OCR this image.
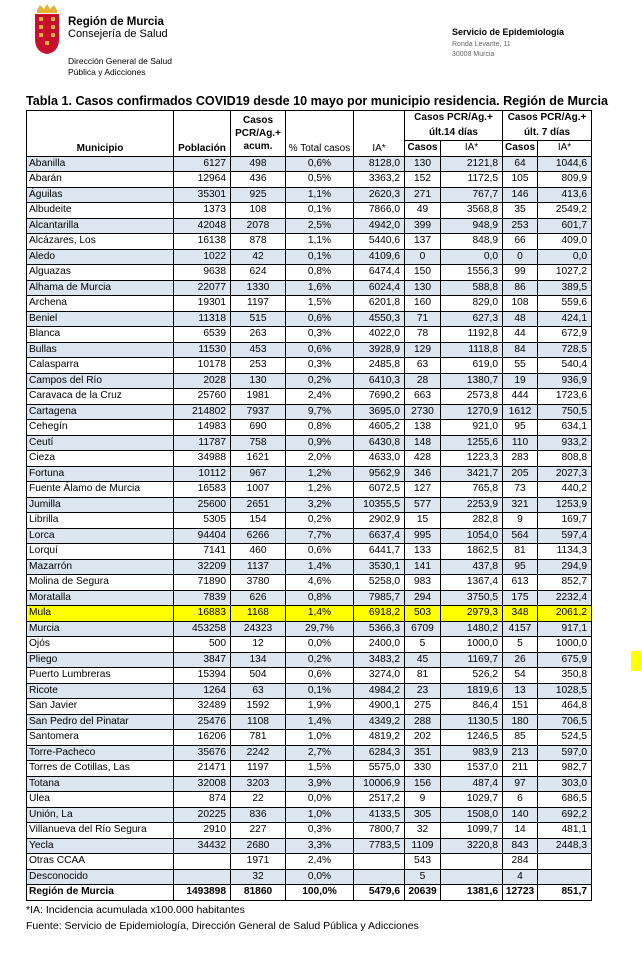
Región de Murcia
Consejería de Salud
Dirección General de Salud
Pública y Adicciones
Servicio de Epidemiología
Ronda Levante, 11
30008 Murcia
Tabla 1. Casos confirmados COVID19 desde 10 mayo por municipio residencia. Región de Murcia
Municipio	Población	Casos
PCR/Ag.+
acum.	% Total casos	IA*	Casos PCR/Ag.+		Casos PCR/Ag.+	
					últ.14 días		últ. 7 días	
					Casos	IA*	Casos	IA*
Abanilla	6127	498	0,6%	8128,0	130	2121,8	64	1044,6
Abarán	12964	436	0,5%	3363,2	152	1172,5	105	809,9
Águilas	35301	925	1,1%	2620,3	271	767,7	146	413,6
Albudeite	1373	108	0,1%	7866,0	49	3568,8	35	2549,2
Alcantarilla	42048	2078	2,5%	4942,0	399	948,9	253	601,7
Alcázares, Los	16138	878	1,1%	5440,6	137	848,9	66	409,0
Aledo	1022	42	0,1%	4109,6	0	0,0	0	0,0
Alguazas	9638	624	0,8%	6474,4	150	1556,3	99	1027,2
Alhama de Murcia	22077	1330	1,6%	6024,4	130	588,8	86	389,5
Archena	19301	1197	1,5%	6201,8	160	829,0	108	559,6
Beniel	11318	515	0,6%	4550,3	71	627,3	48	424,1
Blanca	6539	263	0,3%	4022,0	78	1192,8	44	672,9
Bullas	11530	453	0,6%	3928,9	129	1118,8	84	728,5
Calasparra	10178	253	0,3%	2485,8	63	619,0	55	540,4
Campos del Río	2028	130	0,2%	6410,3	28	1380,7	19	936,9
Caravaca de la Cruz	25760	1981	2,4%	7690,2	663	2573,8	444	1723,6
Cartagena	214802	7937	9,7%	3695,0	2730	1270,9	1612	750,5
Cehegín	14983	690	0,8%	4605,2	138	921,0	95	634,1
Ceutí	11787	758	0,9%	6430,8	148	1255,6	110	933,2
Cieza	34988	1621	2,0%	4633,0	428	1223,3	283	808,8
Fortuna	10112	967	1,2%	9562,9	346	3421,7	205	2027,3
Fuente Álamo de Murcia	16583	1007	1,2%	6072,5	127	765,8	73	440,2
Jumilla	25600	2651	3,2%	10355,5	577	2253,9	321	1253,9
Librilla	5305	154	0,2%	2902,9	15	282,8	9	169,7
Lorca	94404	6266	7,7%	6637,4	995	1054,0	564	597,4
Lorquí	7141	460	0,6%	6441,7	133	1862,5	81	1134,3
Mazarrón	32209	1137	1,4%	3530,1	141	437,8	95	294,9
Molina de Segura	71890	3780	4,6%	5258,0	983	1367,4	613	852,7
Moratalla	7839	626	0,8%	7985,7	294	3750,5	175	2232,4
Mula	16883	1168	1,4%	6918,2	503	2979,3	348	2061,2
Murcia	453258	24323	29,7%	5366,3	6709	1480,2	4157	917,1
Ojós	500	12	0,0%	2400,0	5	1000,0	5	1000,0
Pliego	3847	134	0,2%	3483,2	45	1169,7	26	675,9
Puerto Lumbreras	15394	504	0,6%	3274,0	81	526,2	54	350,8
Ricote	1264	63	0,1%	4984,2	23	1819,6	13	1028,5
San Javier	32489	1592	1,9%	4900,1	275	846,4	151	464,8
San Pedro del Pinatar	25476	1108	1,4%	4349,2	288	1130,5	180	706,5
Santomera	16206	781	1,0%	4819,2	202	1246,5	85	524,5
Torre-Pacheco	35676	2242	2,7%	6284,3	351	983,9	213	597,0
Torres de Cotillas, Las	21471	1197	1,5%	5575,0	330	1537,0	211	982,7
Totana	32008	3203	3,9%	10006,9	156	487,4	97	303,0
Ulea	874	22	0,0%	2517,2	9	1029,7	6	686,5
Unión, La	20225	836	1,0%	4133,5	305	1508,0	140	692,2
Villanueva del Río Segura	2910	227	0,3%	7800,7	32	1099,7	14	481,1
Yecla	34432	2680	3,3%	7783,5	1109	3220,8	843	2448,3
Otras CCAA		1971	2,4%		543		284	
Desconocido		32	0,0%		5		4	
Región de Murcia	1493898	81860	100,0%	5479,6	20639	1381,6	12723	851,7
*IA: Incidencia acumulada x100.000 habitantes
Fuente: Servicio de Epidemiología, Dirección General de Salud Pública y Adicciones
